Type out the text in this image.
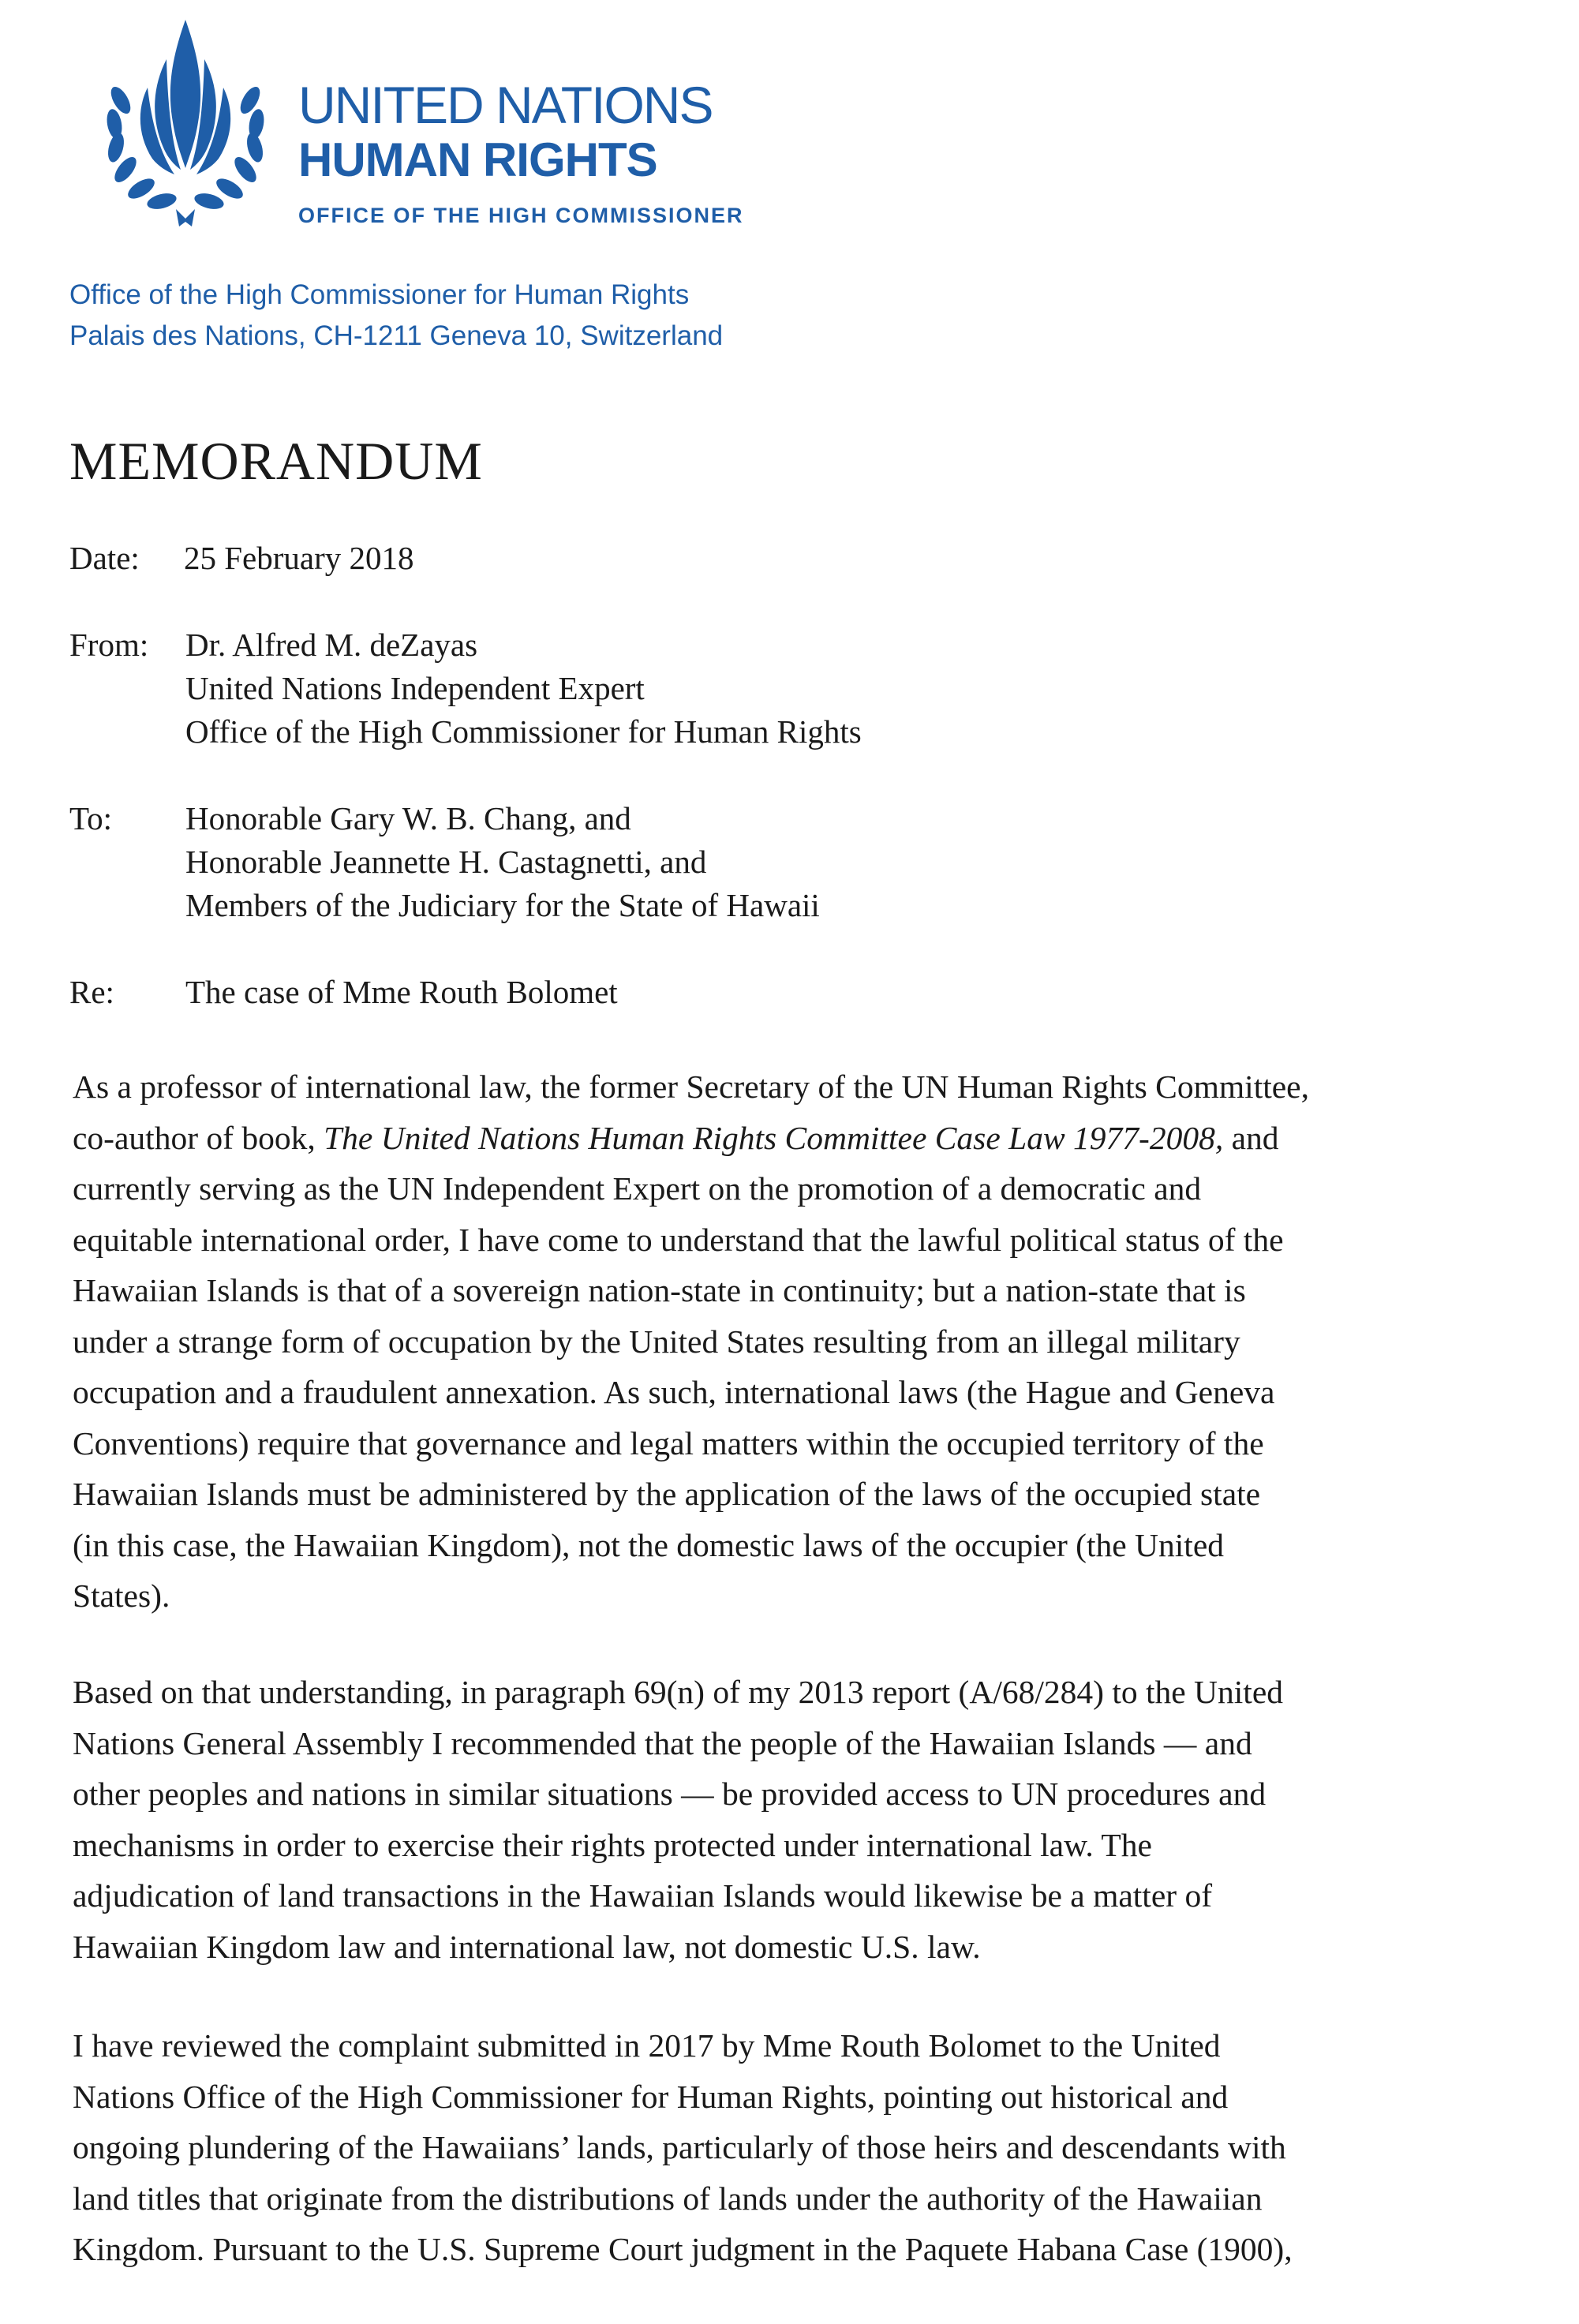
UNITED NATIONS
HUMAN RIGHTS
OFFICE OF THE HIGH COMMISSIONER
Office of the High Commissioner for Human Rights
Palais des Nations, CH-1211 Geneva 10, Switzerland
MEMORANDUM
Date: 25 February 2018
From: Dr. Alfred M. deZayas
United Nations Independent Expert
Office of the High Commissioner for Human Rights
To: Honorable Gary W. B. Chang, and
Honorable Jeannette H. Castagnetti, and
Members of the Judiciary for the State of Hawaii
Re: The case of Mme Routh Bolomet
As a professor of international law, the former Secretary of the UN Human Rights Committee,
co-author of book, The United Nations Human Rights Committee Case Law 1977-2008, and
currently serving as the UN Independent Expert on the promotion of a democratic and
equitable international order, I have come to understand that the lawful political status of the
Hawaiian Islands is that of a sovereign nation-state in continuity; but a nation-state that is
under a strange form of occupation by the United States resulting from an illegal military
occupation and a fraudulent annexation. As such, international laws (the Hague and Geneva
Conventions) require that governance and legal matters within the occupied territory of the
Hawaiian Islands must be administered by the application of the laws of the occupied state
(in this case, the Hawaiian Kingdom), not the domestic laws of the occupier (the United
States).
Based on that understanding, in paragraph 69(n) of my 2013 report (A/68/284) to the United
Nations General Assembly I recommended that the people of the Hawaiian Islands — and
other peoples and nations in similar situations — be provided access to UN procedures and
mechanisms in order to exercise their rights protected under international law. The
adjudication of land transactions in the Hawaiian Islands would likewise be a matter of
Hawaiian Kingdom law and international law, not domestic U.S. law.
I have reviewed the complaint submitted in 2017 by Mme Routh Bolomet to the United
Nations Office of the High Commissioner for Human Rights, pointing out historical and
ongoing plundering of the Hawaiians’ lands, particularly of those heirs and descendants with
land titles that originate from the distributions of lands under the authority of the Hawaiian
Kingdom. Pursuant to the U.S. Supreme Court judgment in the Paquete Habana Case (1900),
